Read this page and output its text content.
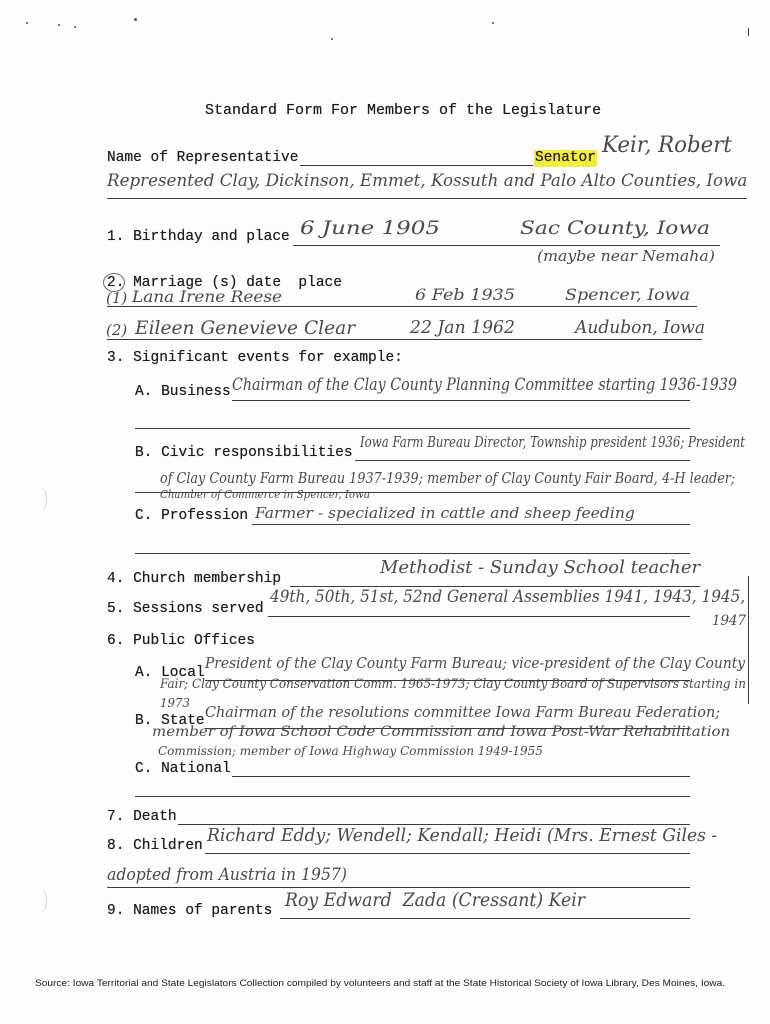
Standard Form For Members of the Legislature
Name of Representative	Senator Keir, Robert
Represented Clay, Dickinson, Emmet, Kossuth and Palo Alto Counties, Iowa
1. Birthday and place 6 June 1905	Sac County, Iowa
(maybe near Nemaha)
2. Marriage (s) date  place
(1) Lana Irene Reese	6 Feb 1935	Spencer, Iowa
(2) Eileen Genevieve Clear	22 Jan 1962	Audubon, Iowa
3. Significant events for example:
A. Business Chairman of the Clay County Planning Committee starting 1936-1939
B. Civic responsibilities
Iowa Farm Bureau Director, Township president 1936; President
of Clay County Farm Bureau 1937-1939; member of Clay County Fair Board, 4-H leader;
Chamber of Commerce in Spencer, Iowa
C. Profession Farmer - specialized in cattle and sheep feeding
4. Church membership
Methodist - Sunday School teacher
5. Sessions served
49th, 50th, 51st, 52nd General Assemblies 1941, 1943, 1945,
1947
6. Public Offices
A. Local
President of the Clay County Farm Bureau; vice-president of the Clay County
Fair; Clay County Conservation Comm. 1965-1973; Clay County Board of Supervisors starting in
1973
B. State Chairman of the resolutions committee Iowa Farm Bureau Federation;
member of Iowa School Code Commission and Iowa Post-War Rehabilitation
Commission; member of Iowa Highway Commission 1949-1955
C. National
7. Death
8. Children Richard Eddy; Wendell; Kendall; Heidi (Mrs. Ernest Giles -
adopted from Austria in 1957)
9. Names of parents Roy Edward  Zada (Cressant) Keir
Source: Iowa Territorial and State Legislators Collection compiled by volunteers and staff at the State Historical Society of Iowa Library, Des Moines, Iowa.
